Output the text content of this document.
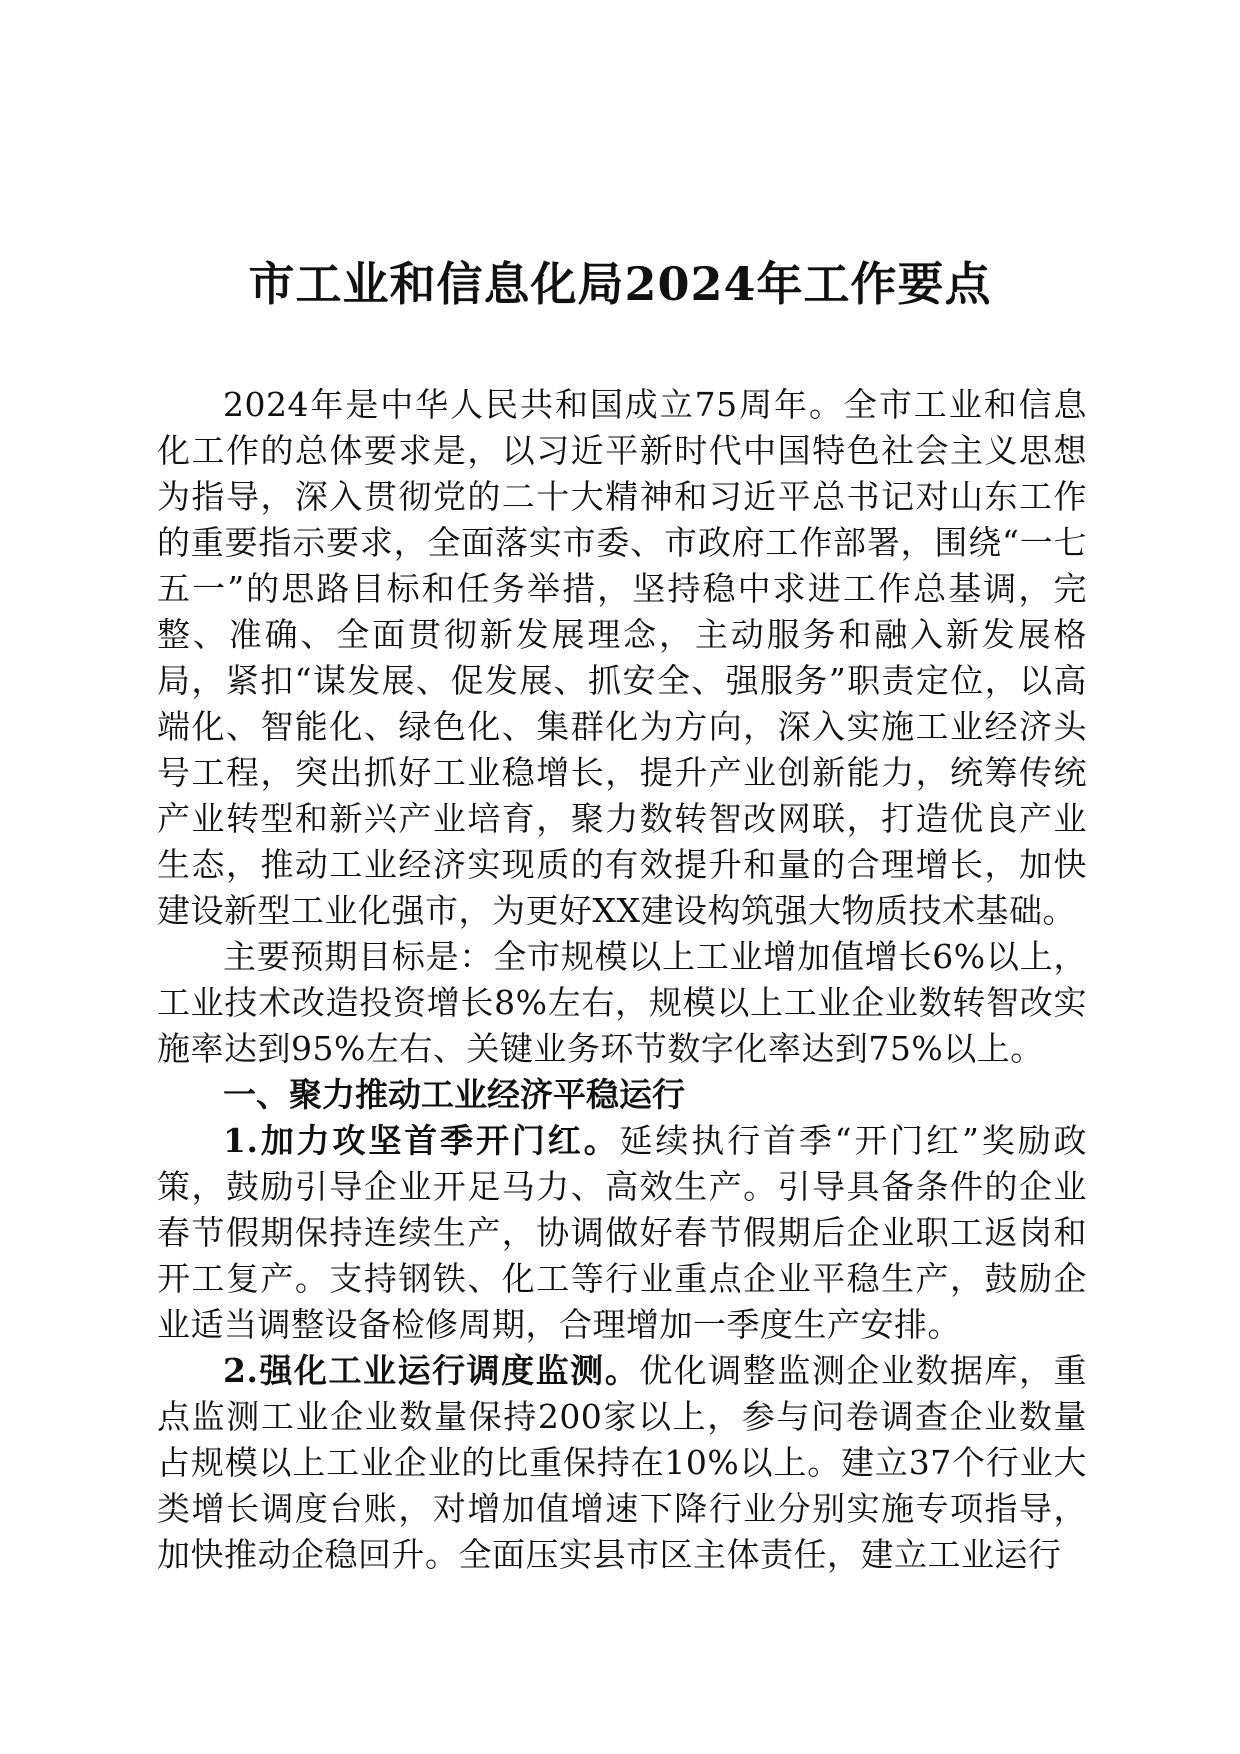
市工业和信息化局2024年工作要点

2024年是中华人民共和国成立75周年。全市工业和信息化工作的总体要求是，以习近平新时代中国特色社会主义思想为指导，深入贯彻党的二十大精神和习近平总书记对山东工作的重要指示要求，全面落实市委、市政府工作部署，围绕“一七五一”的思路目标和任务举措，坚持稳中求进工作总基调，完整、准确、全面贯彻新发展理念，主动服务和融入新发展格局，紧扣“谋发展、促发展、抓安全、强服务”职责定位，以高端化、智能化、绿色化、集群化为方向，深入实施工业经济头号工程，突出抓好工业稳增长，提升产业创新能力，统筹传统产业转型和新兴产业培育，聚力数转智改网联，打造优良产业生态，推动工业经济实现质的有效提升和量的合理增长，加快建设新型工业化强市，为更好XX建设构筑强大物质技术基础。

主要预期目标是：全市规模以上工业增加值增长6%以上，工业技术改造投资增长8%左右，规模以上工业企业数转智改实施率达到95%左右、关键业务环节数字化率达到75%以上。

一、聚力推动工业经济平稳运行

1.加力攻坚首季开门红。延续执行首季“开门红”奖励政策，鼓励引导企业开足马力、高效生产。引导具备条件的企业春节假期保持连续生产，协调做好春节假期后企业职工返岗和开工复产。支持钢铁、化工等行业重点企业平稳生产，鼓励企业适当调整设备检修周期，合理增加一季度生产安排。

2.强化工业运行调度监测。优化调整监测企业数据库，重点监测工业企业数量保持200家以上，参与问卷调查企业数量占规模以上工业企业的比重保持在10%以上。建立37个行业大类增长调度台账，对增加值增速下降行业分别实施专项指导，加快推动企稳回升。全面压实县市区主体责任，建立工业运行
